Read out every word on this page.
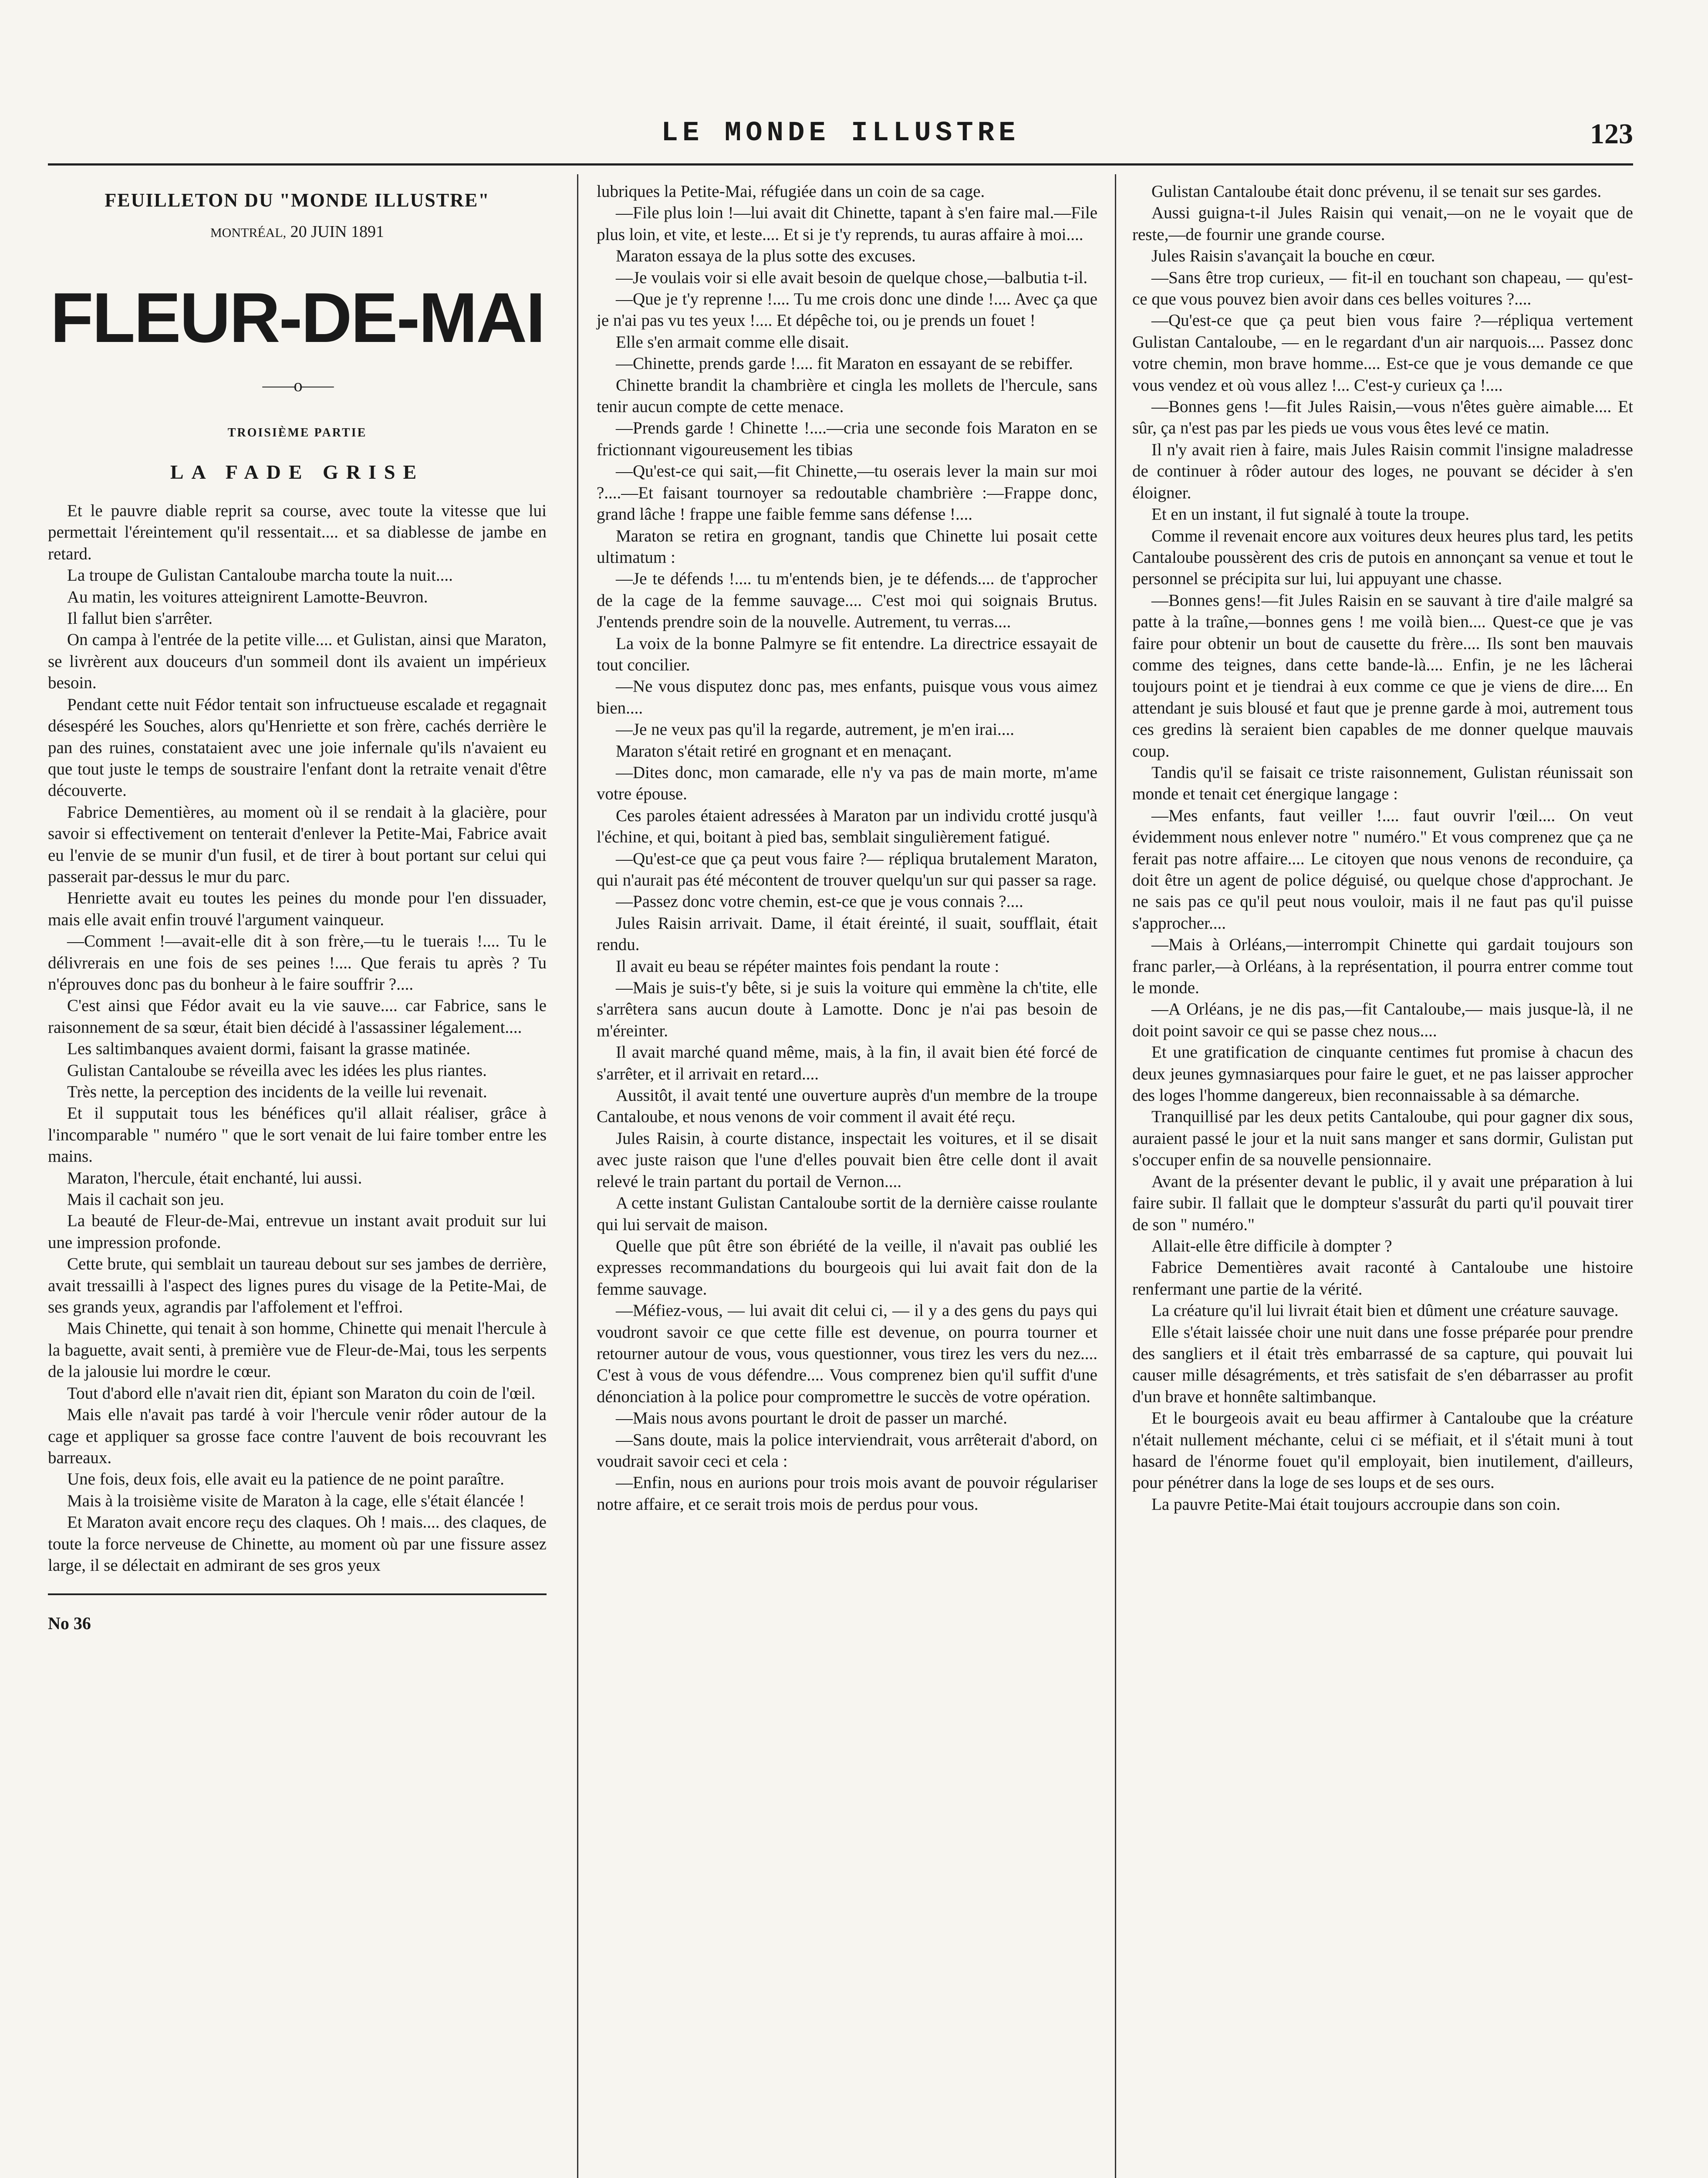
LE MONDE ILLUSTRE	123
FEUILLETON DU "MONDE ILLUSTRE"
MONTRÉAL, 20 JUIN 1891
FLEUR-DE-MAI
——o——
TROISIÈME PARTIE
LA FADE GRISE

Et le pauvre diable reprit sa course, avec toute la vitesse que lui permettait l'éreintement qu'il ressentait.... et sa diablesse de jambe en retard.

La troupe de Gulistan Cantaloube marcha toute la nuit....

Au matin, les voitures atteignirent Lamotte-Beuvron.

Il fallut bien s'arrêter.

On campa à l'entrée de la petite ville.... et Gulistan, ainsi que Maraton, se livrèrent aux douceurs d'un sommeil dont ils avaient un impérieux besoin.

Pendant cette nuit Fédor tentait son infructueuse escalade et regagnait désespéré les Souches, alors qu'Henriette et son frère, cachés derrière le pan des ruines, constataient avec une joie infernale qu'ils n'avaient eu que tout juste le temps de soustraire l'enfant dont la retraite venait d'être découverte.

Fabrice Dementières, au moment où il se rendait à la glacière, pour savoir si effectivement on tenterait d'enlever la Petite-Mai, Fabrice avait eu l'envie de se munir d'un fusil, et de tirer à bout portant sur celui qui passerait par-dessus le mur du parc.

Henriette avait eu toutes les peines du monde pour l'en dissuader, mais elle avait enfin trouvé l'argument vainqueur.

—Comment !—avait-elle dit à son frère,—tu le tuerais !.... Tu le délivrerais en une fois de ses peines !.... Que ferais tu après ? Tu n'éprouves donc pas du bonheur à le faire souffrir ?....

C'est ainsi que Fédor avait eu la vie sauve.... car Fabrice, sans le raisonnement de sa sœur, était bien décidé à l'assassiner légalement....

Les saltimbanques avaient dormi, faisant la grasse matinée.

Gulistan Cantaloube se réveilla avec les idées les plus riantes.

Très nette, la perception des incidents de la veille lui revenait.

Et il supputait tous les bénéfices qu'il allait réaliser, grâce à l'incomparable " numéro " que le sort venait de lui faire tomber entre les mains.

Maraton, l'hercule, était enchanté, lui aussi.

Mais il cachait son jeu.

La beauté de Fleur-de-Mai, entrevue un instant avait produit sur lui une impression profonde.

Cette brute, qui semblait un taureau debout sur ses jambes de derrière, avait tressailli à l'aspect des lignes pures du visage de la Petite-Mai, de ses grands yeux, agrandis par l'affolement et l'effroi.

Mais Chinette, qui tenait à son homme, Chinette qui menait l'hercule à la baguette, avait senti, à première vue de Fleur-de-Mai, tous les serpents de la jalousie lui mordre le cœur.

Tout d'abord elle n'avait rien dit, épiant son Maraton du coin de l'œil.

Mais elle n'avait pas tardé à voir l'hercule venir rôder autour de la cage et appliquer sa grosse face contre l'auvent de bois recouvrant les barreaux.

Une fois, deux fois, elle avait eu la patience de ne point paraître.

Mais à la troisième visite de Maraton à la cage, elle s'était élancée !

Et Maraton avait encore reçu des claques. Oh ! mais.... des claques, de toute la force nerveuse de Chinette, au moment où par une fissure assez large, il se délectait en admirant de ses gros yeux

No 36

lubriques la Petite-Mai, réfugiée dans un coin de sa cage.

—File plus loin !—lui avait dit Chinette, tapant à s'en faire mal.—File plus loin, et vite, et leste.... Et si je t'y reprends, tu auras affaire à moi....

Maraton essaya de la plus sotte des excuses.

—Je voulais voir si elle avait besoin de quelque chose,—balbutia t-il.

—Que je t'y reprenne !.... Tu me crois donc une dinde !.... Avec ça que je n'ai pas vu tes yeux !.... Et dépêche toi, ou je prends un fouet !

Elle s'en armait comme elle disait.

—Chinette, prends garde !.... fit Maraton en essayant de se rebiffer.

Chinette brandit la chambrière et cingla les mollets de l'hercule, sans tenir aucun compte de cette menace.

—Prends garde ! Chinette !....—cria une seconde fois Maraton en se frictionnant vigoureusement les tibias

—Qu'est-ce qui sait,—fit Chinette,—tu oserais lever la main sur moi ?....—Et faisant tournoyer sa redoutable chambrière :—Frappe donc, grand lâche ! frappe une faible femme sans défense !....

Maraton se retira en grognant, tandis que Chinette lui posait cette ultimatum :

—Je te défends !.... tu m'entends bien, je te défends.... de t'approcher de la cage de la femme sauvage.... C'est moi qui soignais Brutus. J'entends prendre soin de la nouvelle. Autrement, tu verras....

La voix de la bonne Palmyre se fit entendre. La directrice essayait de tout concilier.

—Ne vous disputez donc pas, mes enfants, puisque vous vous aimez bien....

—Je ne veux pas qu'il la regarde, autrement, je m'en irai....

Maraton s'était retiré en grognant et en menaçant.

—Dites donc, mon camarade, elle n'y va pas de main morte, m'ame votre épouse.

Ces paroles étaient adressées à Maraton par un individu crotté jusqu'à l'échine, et qui, boitant à pied bas, semblait singulièrement fatigué.

—Qu'est-ce que ça peut vous faire ?— répliqua brutalement Maraton, qui n'aurait pas été mécontent de trouver quelqu'un sur qui passer sa rage.

—Passez donc votre chemin, est-ce que je vous connais ?....

Jules Raisin arrivait. Dame, il était éreinté, il suait, soufflait, était rendu.

Il avait eu beau se répéter maintes fois pendant la route :

—Mais je suis-t'y bête, si je suis la voiture qui emmène la ch'tite, elle s'arrêtera sans aucun doute à Lamotte. Donc je n'ai pas besoin de m'éreinter.

Il avait marché quand même, mais, à la fin, il avait bien été forcé de s'arrêter, et il arrivait en retard....

Aussitôt, il avait tenté une ouverture auprès d'un membre de la troupe Cantaloube, et nous venons de voir comment il avait été reçu.

Jules Raisin, à courte distance, inspectait les voitures, et il se disait avec juste raison que l'une d'elles pouvait bien être celle dont il avait relevé le train partant du portail de Vernon....

A cette instant Gulistan Cantaloube sortit de la dernière caisse roulante qui lui servait de maison.

Quelle que pût être son ébriété de la veille, il n'avait pas oublié les expresses recommandations du bourgeois qui lui avait fait don de la femme sauvage.

—Méfiez-vous, — lui avait dit celui ci, — il y a des gens du pays qui voudront savoir ce que cette fille est devenue, on pourra tourner et retourner autour de vous, vous questionner, vous tirez les vers du nez.... C'est à vous de vous défendre.... Vous comprenez bien qu'il suffit d'une dénonciation à la police pour compromettre le succès de votre opération.

—Mais nous avons pourtant le droit de passer un marché.

—Sans doute, mais la police interviendrait, vous arrêterait d'abord, on voudrait savoir ceci et cela :

—Enfin, nous en aurions pour trois mois avant de pouvoir régulariser notre affaire, et ce serait trois mois de perdus pour vous.

Gulistan Cantaloube était donc prévenu, il se tenait sur ses gardes.

Aussi guigna-t-il Jules Raisin qui venait,—on ne le voyait que de reste,—de fournir une grande course.

Jules Raisin s'avançait la bouche en cœur.

—Sans être trop curieux, — fit-il en touchant son chapeau, — qu'est-ce que vous pouvez bien avoir dans ces belles voitures ?....

—Qu'est-ce que ça peut bien vous faire ?—répliqua vertement Gulistan Cantaloube, — en le regardant d'un air narquois.... Passez donc votre chemin, mon brave homme.... Est-ce que je vous demande ce que vous vendez et où vous allez !... C'est-y curieux ça !....

—Bonnes gens !—fit Jules Raisin,—vous n'êtes guère aimable.... Et sûr, ça n'est pas par les pieds ue vous vous êtes levé ce matin.

Il n'y avait rien à faire, mais Jules Raisin commit l'insigne maladresse de continuer à rôder autour des loges, ne pouvant se décider à s'en éloigner.

Et en un instant, il fut signalé à toute la troupe.

Comme il revenait encore aux voitures deux heures plus tard, les petits Cantaloube poussèrent des cris de putois en annonçant sa venue et tout le personnel se précipita sur lui, lui appuyant une chasse.

—Bonnes gens!—fit Jules Raisin en se sauvant à tire d'aile malgré sa patte à la traîne,—bonnes gens ! me voilà bien.... Quest-ce que je vas faire pour obtenir un bout de causette du frère.... Ils sont ben mauvais comme des teignes, dans cette bande-là.... Enfin, je ne les lâcherai toujours point et je tiendrai à eux comme ce que je viens de dire.... En attendant je suis blousé et faut que je prenne garde à moi, autrement tous ces gredins là seraient bien capables de me donner quelque mauvais coup.

Tandis qu'il se faisait ce triste raisonnement, Gulistan réunissait son monde et tenait cet énergique langage :

—Mes enfants, faut veiller !.... faut ouvrir l'œil.... On veut évidemment nous enlever notre " numéro." Et vous comprenez que ça ne ferait pas notre affaire.... Le citoyen que nous venons de reconduire, ça doit être un agent de police déguisé, ou quelque chose d'approchant. Je ne sais pas ce qu'il peut nous vouloir, mais il ne faut pas qu'il puisse s'approcher....

—Mais à Orléans,—interrompit Chinette qui gardait toujours son franc parler,—à Orléans, à la représentation, il pourra entrer comme tout le monde.

—A Orléans, je ne dis pas,—fit Cantaloube,— mais jusque-là, il ne doit point savoir ce qui se passe chez nous....

Et une gratification de cinquante centimes fut promise à chacun des deux jeunes gymnasiarques pour faire le guet, et ne pas laisser approcher des loges l'homme dangereux, bien reconnaissable à sa démarche.

Tranquillisé par les deux petits Cantaloube, qui pour gagner dix sous, auraient passé le jour et la nuit sans manger et sans dormir, Gulistan put s'occuper enfin de sa nouvelle pensionnaire.

Avant de la présenter devant le public, il y avait une préparation à lui faire subir. Il fallait que le dompteur s'assurât du parti qu'il pouvait tirer de son " numéro."

Allait-elle être difficile à dompter ?

Fabrice Dementières avait raconté à Cantaloube une histoire renfermant une partie de la vérité.

La créature qu'il lui livrait était bien et dûment une créature sauvage.

Elle s'était laissée choir une nuit dans une fosse préparée pour prendre des sangliers et il était très embarrassé de sa capture, qui pouvait lui causer mille désagréments, et très satisfait de s'en débarrasser au profit d'un brave et honnête saltimbanque.

Et le bourgeois avait eu beau affirmer à Cantaloube que la créature n'était nullement méchante, celui ci se méfiait, et il s'était muni à tout hasard de l'énorme fouet qu'il employait, bien inutilement, d'ailleurs, pour pénétrer dans la loge de ses loups et de ses ours.

La pauvre Petite-Mai était toujours accroupie dans son coin.
